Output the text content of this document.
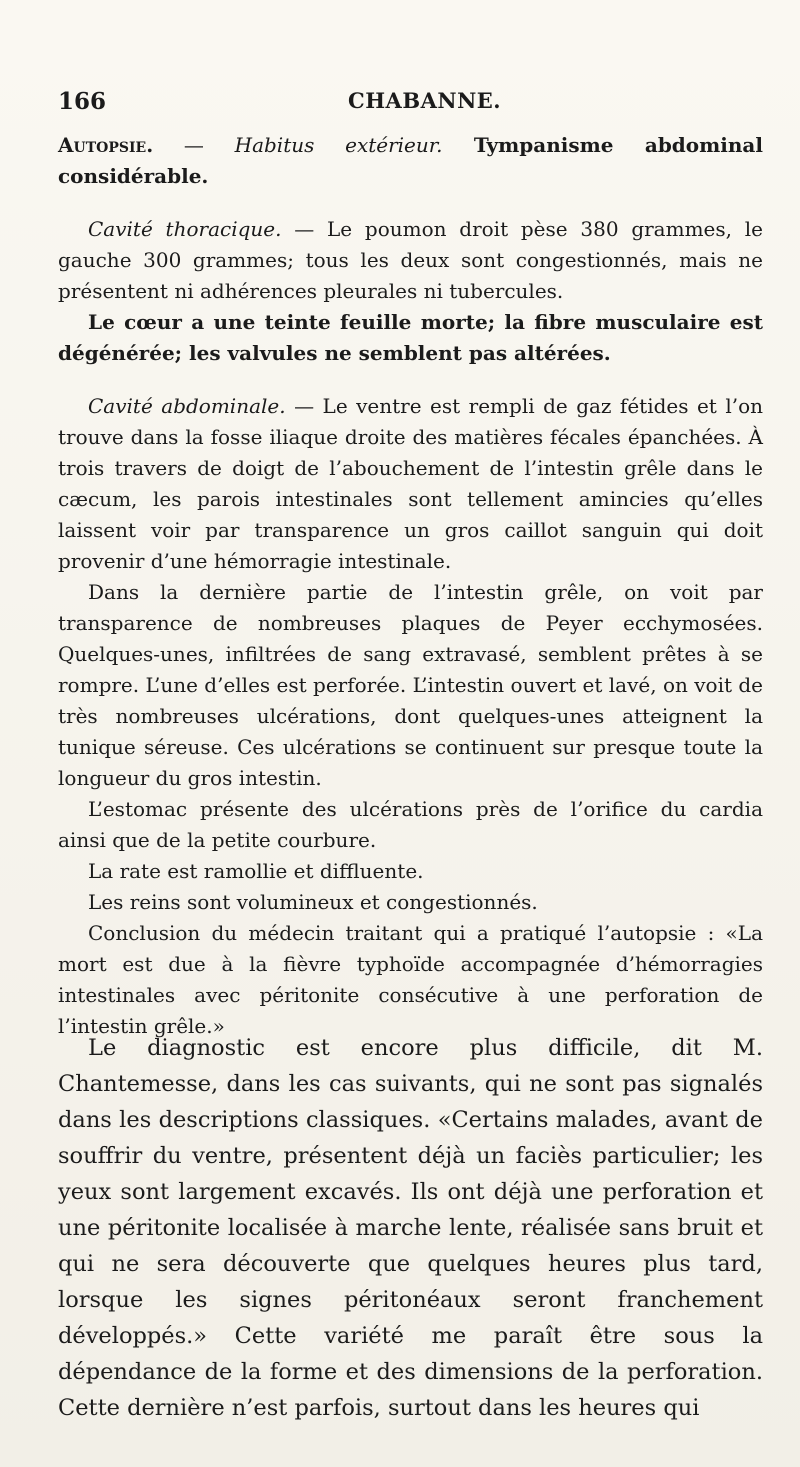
166	CHABANNE.

Autopsie. — Habitus extérieur. Tympanisme abdominal considérable.

Cavité thoracique. — Le poumon droit pèse 380 grammes, le gauche 300 grammes; tous les deux sont congestionnés, mais ne présentent ni adhérences pleurales ni tubercules.

Le cœur a une teinte feuille morte; la fibre musculaire est dégénérée; les valvules ne semblent pas altérées.

Cavité abdominale. — Le ventre est rempli de gaz fétides et l’on trouve dans la fosse iliaque droite des matières fécales épanchées. À trois travers de doigt de l’abouchement de l’intestin grêle dans le cæcum, les parois intestinales sont tellement amincies qu’elles laissent voir par transparence un gros caillot sanguin qui doit provenir d’une hémorragie intestinale.

Dans la dernière partie de l’intestin grêle, on voit par transparence de nombreuses plaques de Peyer ecchymosées. Quelques-unes, infiltrées de sang extravasé, semblent prêtes à se rompre. L’une d’elles est perforée. L’intestin ouvert et lavé, on voit de très nombreuses ulcérations, dont quelques-unes atteignent la tunique séreuse. Ces ulcérations se continuent sur presque toute la longueur du gros intestin.

L’estomac présente des ulcérations près de l’orifice du cardia ainsi que de la petite courbure.

La rate est ramollie et diffluente.

Les reins sont volumineux et congestionnés.

Conclusion du médecin traitant qui a pratiqué l’autopsie : «La mort est due à la fièvre typhoïde accompagnée d’hémorragies intestinales avec péritonite consécutive à une perforation de l’intestin grêle.»

Le diagnostic est encore plus difficile, dit M. Chantemesse, dans les cas suivants, qui ne sont pas signalés dans les descriptions classiques. «Certains malades, avant de souffrir du ventre, présentent déjà un faciès particulier; les yeux sont largement excavés. Ils ont déjà une perforation et une péritonite localisée à marche lente, réalisée sans bruit et qui ne sera découverte que quelques heures plus tard, lorsque les signes péritonéaux seront franchement développés.» Cette variété me paraît être sous la dépendance de la forme et des dimensions de la perforation. Cette dernière n’est parfois, surtout dans les heures qui
